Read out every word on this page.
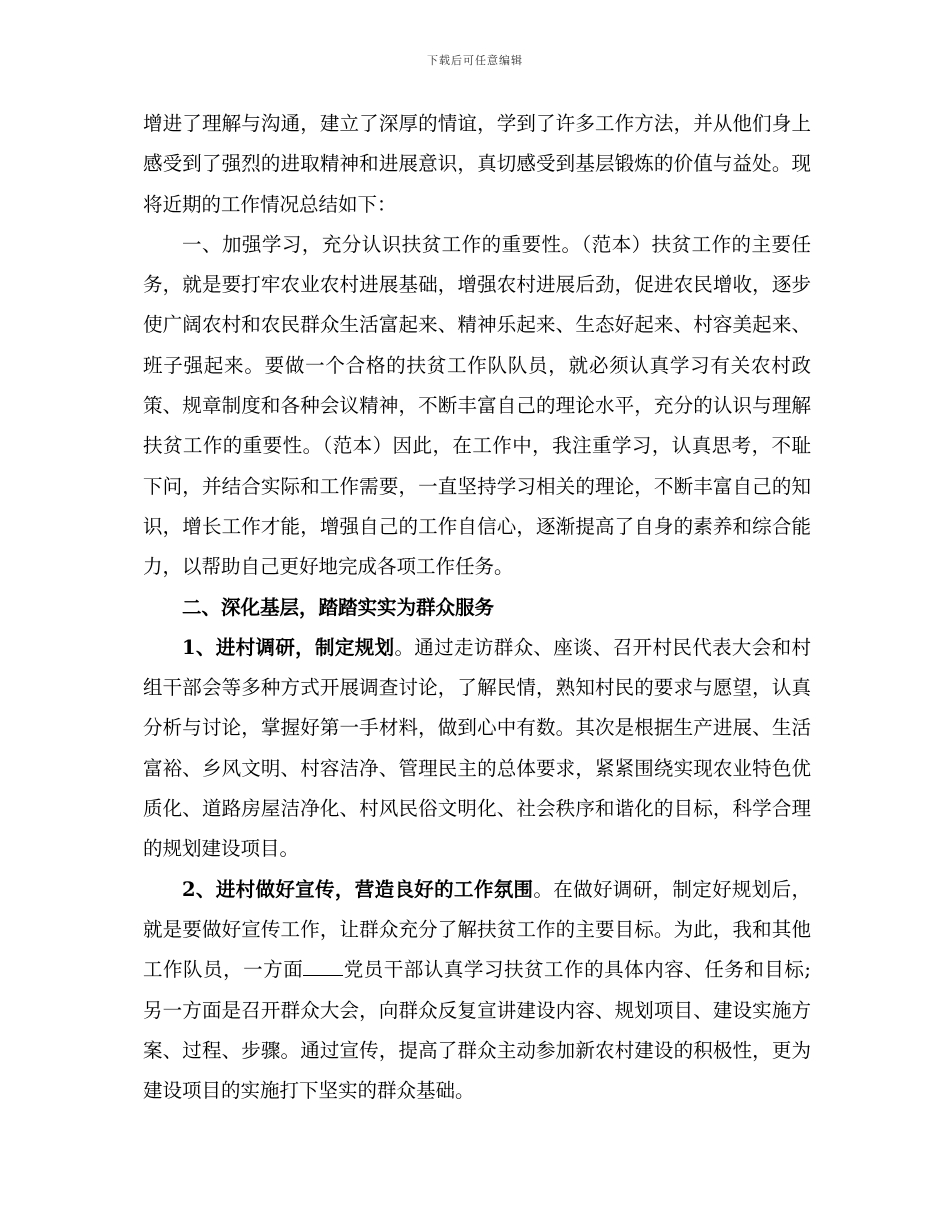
下载后可任意编辑

增进了理解与沟通，建立了深厚的情谊，学到了许多工作方法，并从他们身上感受到了强烈的进取精神和进展意识，真切感受到基层锻炼的价值与益处。现将近期的工作情况总结如下：

一、加强学习，充分认识扶贫工作的重要性。（范本）扶贫工作的主要任务，就是要打牢农业农村进展基础，增强农村进展后劲，促进农民增收，逐步使广阔农村和农民群众生活富起来、精神乐起来、生态好起来、村容美起来、班子强起来。要做一个合格的扶贫工作队队员，就必须认真学习有关农村政策、规章制度和各种会议精神，不断丰富自己的理论水平，充分的认识与理解扶贫工作的重要性。（范本）因此，在工作中，我注重学习，认真思考，不耻下问，并结合实际和工作需要，一直坚持学习相关的理论，不断丰富自己的知识，增长工作才能，增强自己的工作自信心，逐渐提高了自身的素养和综合能力，以帮助自己更好地完成各项工作任务。

二、深化基层，踏踏实实为群众服务

1、进村调研，制定规划。通过走访群众、座谈、召开村民代表大会和村组干部会等多种方式开展调查讨论，了解民情，熟知村民的要求与愿望，认真分析与讨论，掌握好第一手材料，做到心中有数。其次是根据生产进展、生活富裕、乡风文明、村容洁净、管理民主的总体要求，紧紧围绕实现农业特色优质化、道路房屋洁净化、村风民俗文明化、社会秩序和谐化的目标，科学合理的规划建设项目。

2、进村做好宣传，营造良好的工作氛围。在做好调研，制定好规划后，就是要做好宣传工作，让群众充分了解扶贫工作的主要目标。为此，我和其他工作队员，一方面 党员干部认真学习扶贫工作的具体内容、任务和目标;另一方面是召开群众大会，向群众反复宣讲建设内容、规划项目、建设实施方案、过程、步骤。通过宣传，提高了群众主动参加新农村建设的积极性，更为建设项目的实施打下坚实的群众基础。
